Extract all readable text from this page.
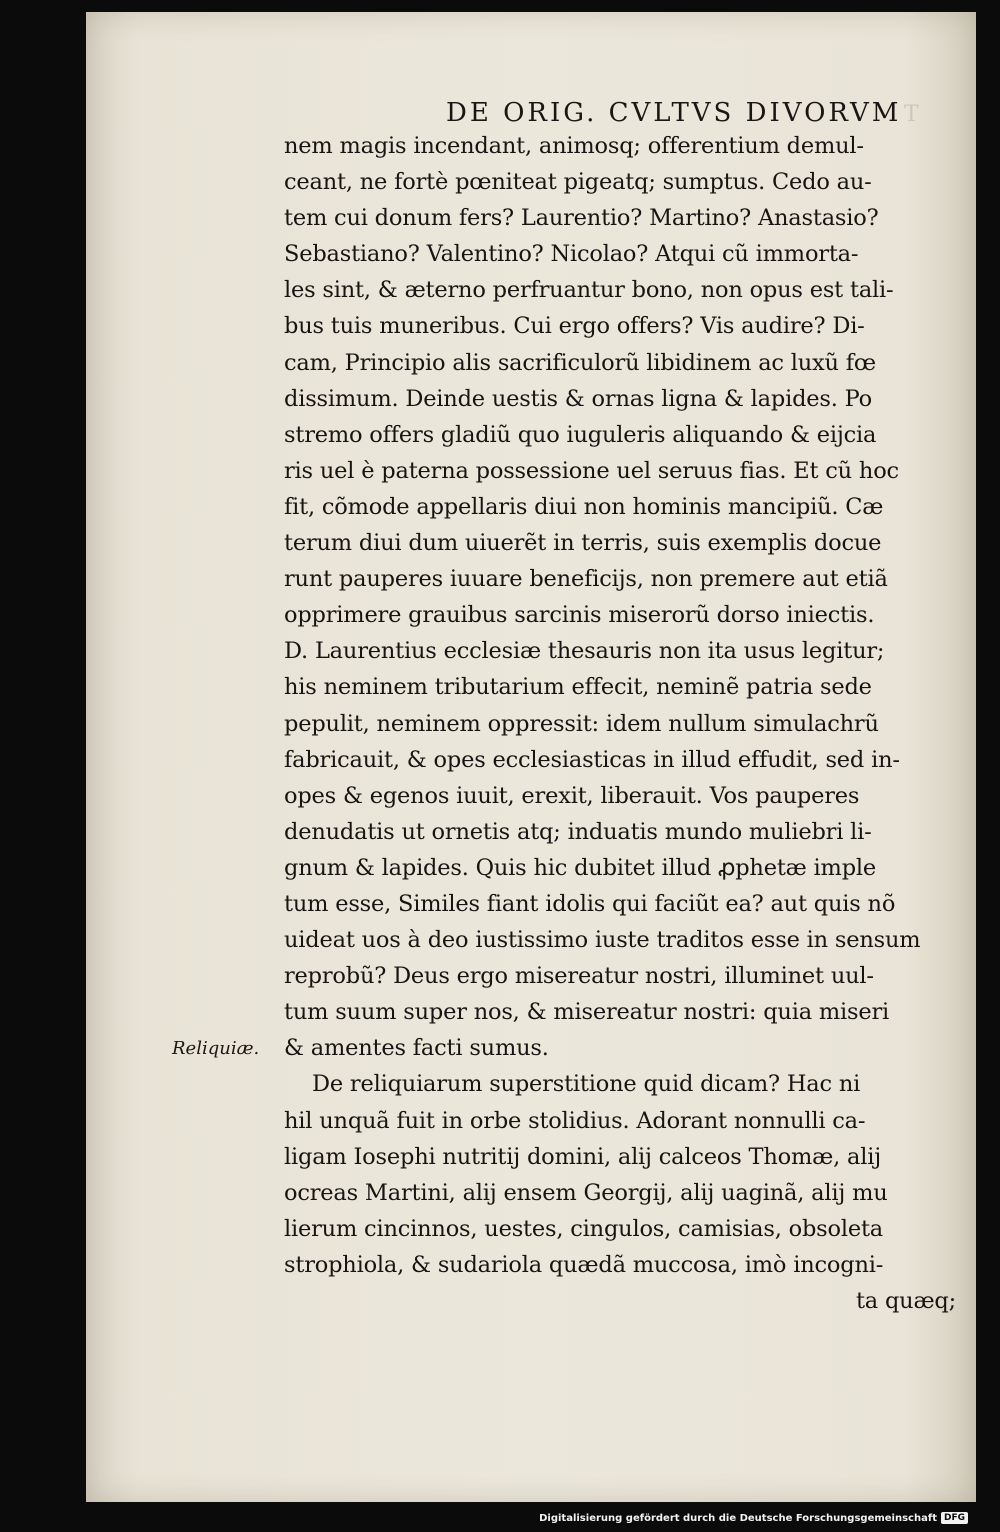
DE ORIG. CVLTVS DIVORVM T
Reliquiæ.
nem magis incendant, animosq; offerentium demul-
ceant, ne fortè pœniteat pigeatq; sumptus. Cedo au-
tem cui donum fers? Laurentio? Martino? Anastasio?
Sebastiano? Valentino? Nicolao? Atqui cũ immorta-
les sint, & æterno perfruantur bono, non opus est tali-
bus tuis muneribus. Cui ergo offers? Vis audire? Di-
cam, Principio alis sacrificulorũ libidinem ac luxũ fœ
dissimum. Deinde uestis & ornas ligna & lapides. Po
stremo offers gladiũ quo iuguleris aliquando & eijcia
ris uel è paterna possessione uel seruus fias. Et cũ hoc
fit, cõmode appellaris diui non hominis mancipiũ. Cæ
terum diui dum uiuerẽt in terris, suis exemplis docue
runt pauperes iuuare beneficijs, non premere aut etiã
opprimere grauibus sarcinis miserorũ dorso iniectis.
D. Laurentius ecclesiæ thesauris non ita usus legitur;
his neminem tributarium effecit, neminẽ patria sede
pepulit, neminem oppressit: idem nullum simulachrũ
fabricauit, & opes ecclesiasticas in illud effudit, sed in-
opes & egenos iuuit, erexit, liberauit. Vos pauperes
denudatis ut ornetis atq; induatis mundo muliebri li-
gnum & lapides. Quis hic dubitet illud ꝓphetæ imple
tum esse, Similes fiant idolis qui faciũt ea? aut quis nõ
uideat uos à deo iustissimo iuste traditos esse in sensum
reprobũ? Deus ergo misereatur nostri, illuminet uul-
tum suum super nos, & misereatur nostri: quia miseri
& amentes facti sumus.
De reliquiarum superstitione quid dicam? Hac ni
hil unquã fuit in orbe stolidius. Adorant nonnulli ca-
ligam Iosephi nutritij domini, alij calceos Thomæ, alij
ocreas Martini, alij ensem Georgij, alij uaginã, alij mu
lierum cincinnos, uestes, cingulos, camisias, obsoleta
strophiola, & sudariola quædã muccosa, imò incogni-
ta quæq;
Digitalisierung gefördert durch die Deutsche Forschungsgemeinschaft DFG
